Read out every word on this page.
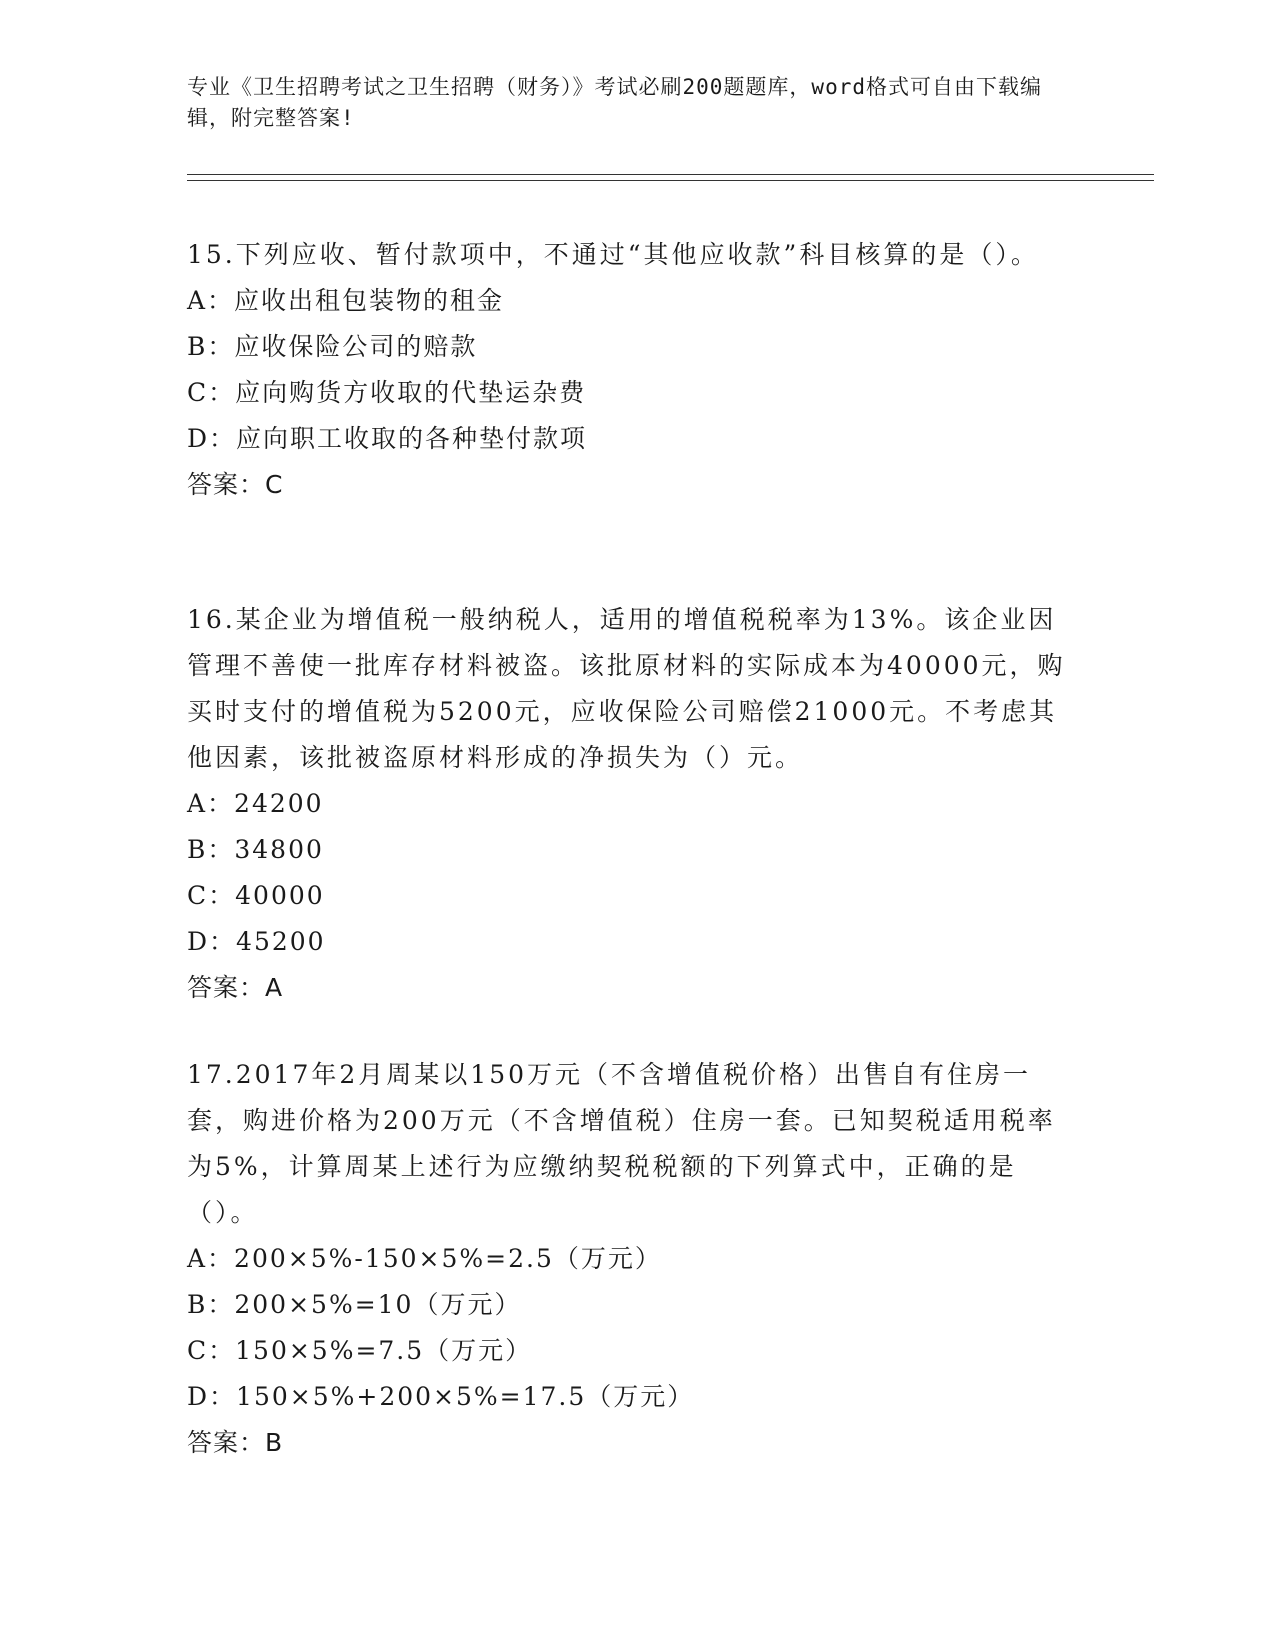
专业《卫生招聘考试之卫生招聘（财务）》考试必刷200题题库，word格式可自由下载编辑，附完整答案!

15.下列应收、暂付款项中，不通过“其他应收款”科目核算的是（）。

A：应收出租包装物的租金

B：应收保险公司的赔款

C：应向购货方收取的代垫运杂费

D：应向职工收取的各种垫付款项

答案：C

16.某企业为增值税一般纳税人，适用的增值税税率为13%。该企业因管理不善使一批库存材料被盗。该批原材料的实际成本为40000元，购买时支付的增值税为5200元，应收保险公司赔偿21000元。不考虑其他因素，该批被盗原材料形成的净损失为（）元。

A：24200

B：34800

C：40000

D：45200

答案：A

17.2017年2月周某以150万元（不含增值税价格）出售自有住房一套，购进价格为200万元（不含增值税）住房一套。已知契税适用税率为5%，计算周某上述行为应缴纳契税税额的下列算式中，正确的是（）。

A：200×5%-150×5%=2.5（万元）

B：200×5%=10（万元）

C：150×5%=7.5（万元）

D：150×5%+200×5%=17.5（万元）

答案：B
